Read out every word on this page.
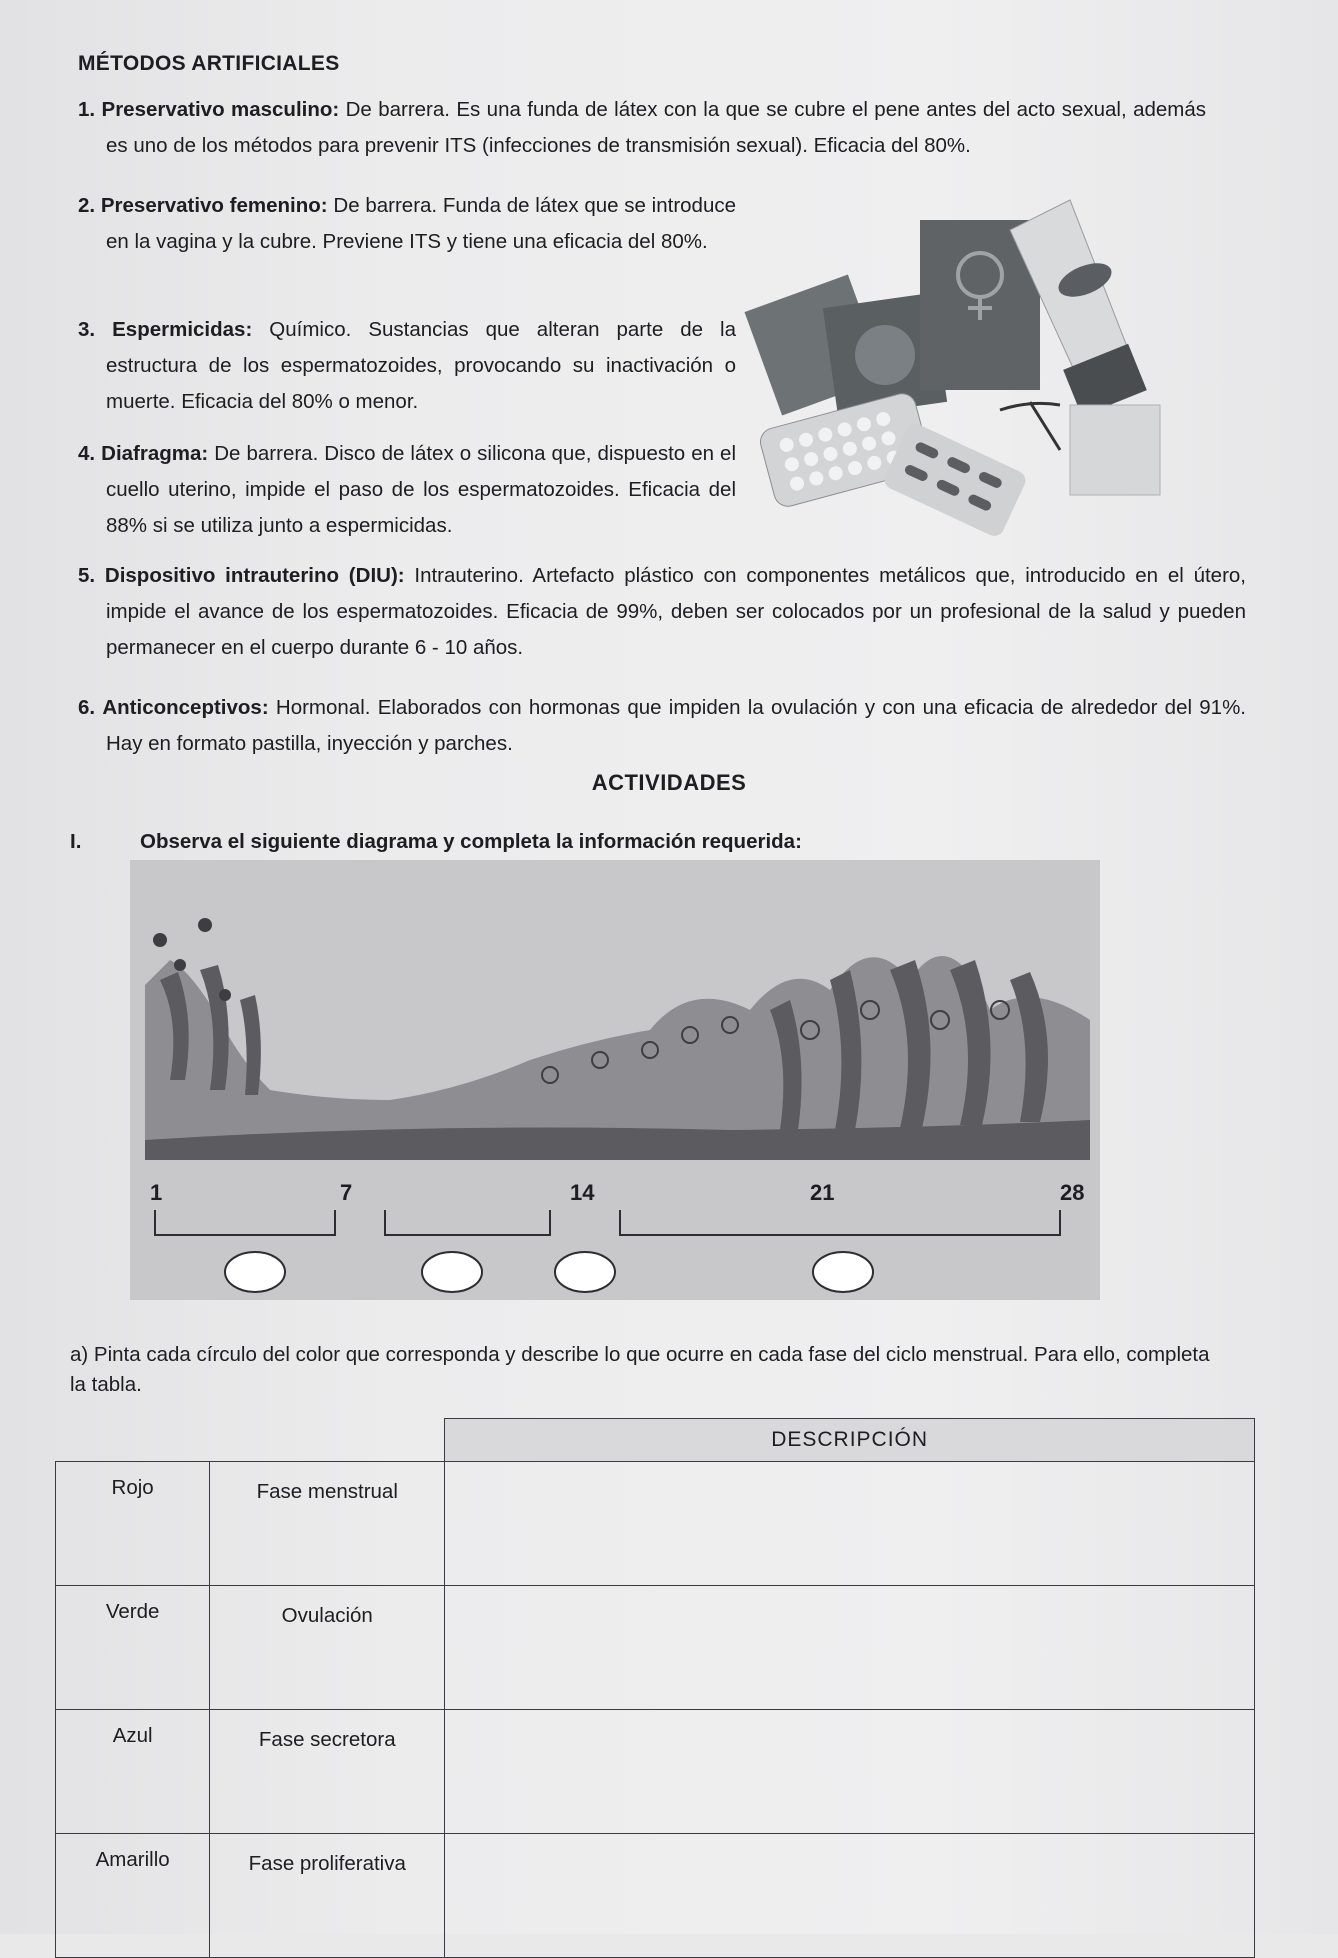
MÉTODOS ARTIFICIALES
1. Preservativo masculino: De barrera. Es una funda de látex con la que se cubre el pene antes del acto sexual, además es uno de los métodos para prevenir ITS (infecciones de transmisión sexual). Eficacia del 80%.
2. Preservativo femenino: De barrera. Funda de látex que se introduce en la vagina y la cubre. Previene ITS y tiene una eficacia del 80%.
3. Espermicidas: Químico. Sustancias que alteran parte de la estructura de los espermatozoides, provocando su inactivación o muerte. Eficacia del 80% o menor.
4. Diafragma: De barrera. Disco de látex o silicona que, dispuesto en el cuello uterino, impide el paso de los espermatozoides. Eficacia del 88% si se utiliza junto a espermicidas.
5. Dispositivo intrauterino (DIU): Intrauterino. Artefacto plástico con componentes metálicos que, introducido en el útero, impide el avance de los espermatozoides. Eficacia de 99%, deben ser colocados por un profesional de la salud y pueden permanecer en el cuerpo durante 6 - 10 años.
6. Anticonceptivos: Hormonal. Elaborados con hormonas que impiden la ovulación y con una eficacia de alrededor del 91%. Hay en formato pastilla, inyección y parches.
ACTIVIDADES
I.	Observa el siguiente diagrama y completa la información requerida:
1	7	14	21	28
a) Pinta cada círculo del color que corresponda y describe lo que ocurre en cada fase del ciclo menstrual. Para ello, completa la tabla.
		DESCRIPCIÓN
Rojo	Fase menstrual	
Verde	Ovulación	
Azul	Fase secretora	
Amarillo	Fase proliferativa	
